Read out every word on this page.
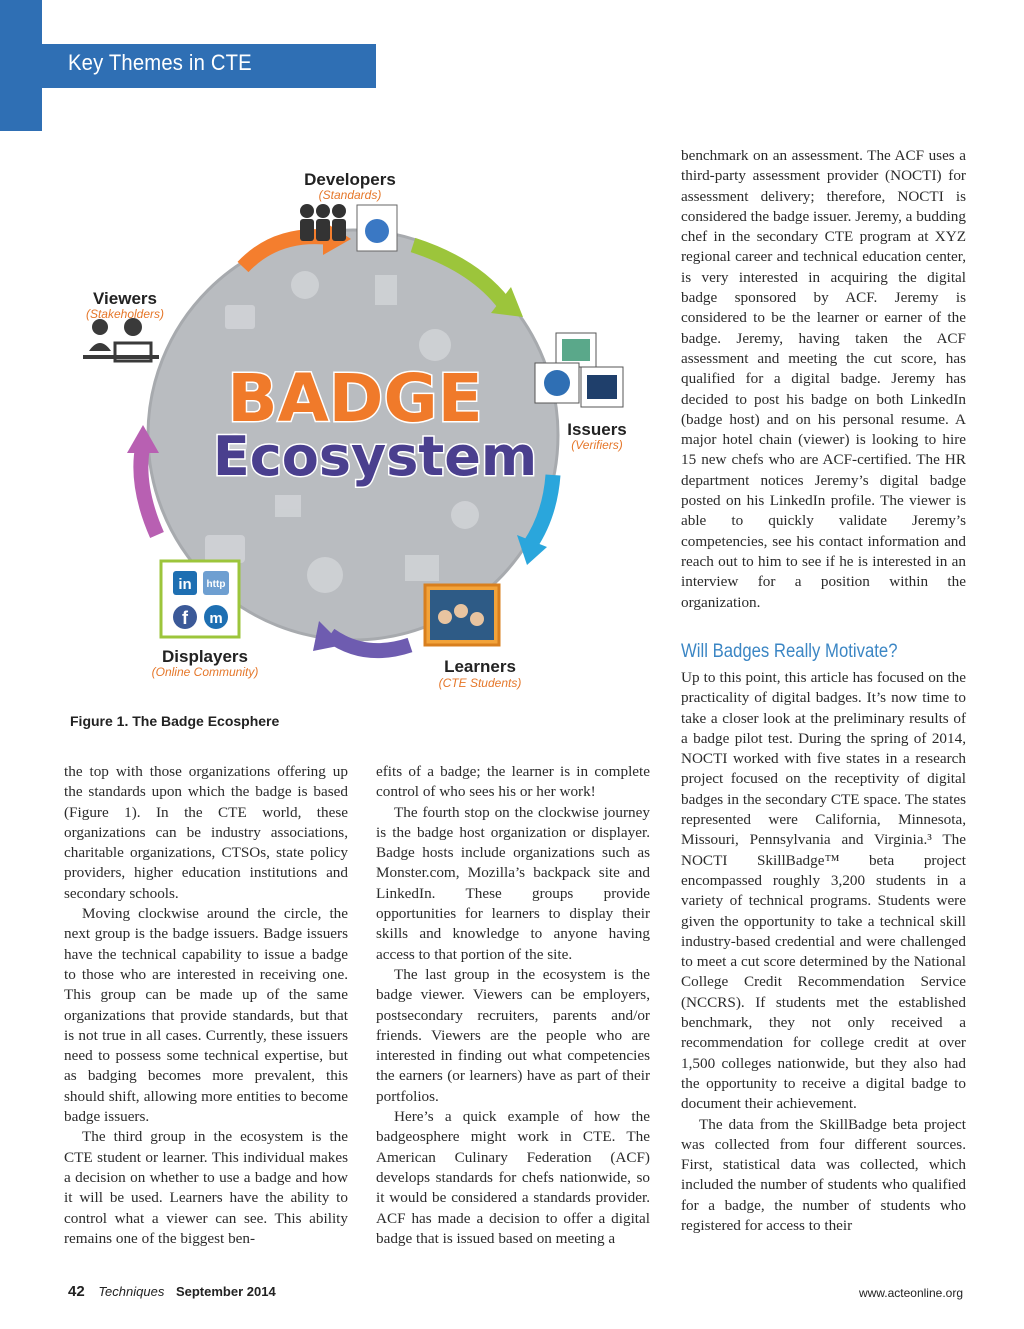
Key Themes in CTE
BADGE
Ecosystem
Developers
(Standards)
Issuers
(Verifiers)
Learners
(CTE Students)
in http
f m
Displayers
(Online Community)
Viewers
(Stakeholders)
Figure 1. The Badge Ecosphere

the top with those organizations offering up the standards upon which the badge is based (Figure 1). In the CTE world, these organizations can be industry associations, charitable organizations, CTSOs, state policy providers, higher education institutions and secondary schools.

Moving clockwise around the circle, the next group is the badge issuers. Badge issuers have the technical capability to issue a badge to those who are interested in receiving one. This group can be made up of the same organizations that provide standards, but that is not true in all cases. Currently, these issuers need to possess some technical expertise, but as badging becomes more prevalent, this should shift, allowing more entities to become badge issuers.

The third group in the ecosystem is the CTE student or learner. This individual makes a decision on whether to use a badge and how it will be used. Learners have the ability to control what a viewer can see. This ability remains one of the biggest ben-

efits of a badge; the learner is in complete control of who sees his or her work!

The fourth stop on the clockwise journey is the badge host organization or displayer. Badge hosts include organizations such as Monster.com, Mozilla’s backpack site and LinkedIn. These groups provide opportunities for learners to display their skills and knowledge to anyone having access to that portion of the site.

The last group in the ecosystem is the badge viewer. Viewers can be employers, postsecondary recruiters, parents and/or friends. Viewers are the people who are interested in finding out what competencies the earners (or learners) have as part of their portfolios.

Here’s a quick example of how the badgeosphere might work in CTE. The American Culinary Federation (ACF) develops standards for chefs nationwide, so it would be considered a standards provider. ACF has made a decision to offer a digital badge that is issued based on meeting a

benchmark on an assessment. The ACF uses a third-party assessment provider (NOCTI) for assessment delivery; therefore, NOCTI is considered the badge issuer. Jeremy, a budding chef in the secondary CTE program at XYZ regional career and technical education center, is very interested in acquiring the digital badge sponsored by ACF. Jeremy is considered to be the learner or earner of the badge. Jeremy, having taken the ACF assessment and meeting the cut score, has qualified for a digital badge. Jeremy has decided to post his badge on both LinkedIn (badge host) and on his personal resume. A major hotel chain (viewer) is looking to hire 15 new chefs who are ACF-certified. The HR department notices Jeremy’s digital badge posted on his LinkedIn profile. The viewer is able to quickly validate Jeremy’s competencies, see his contact information and reach out to him to see if he is interested in an interview for a position within the organization.

Will Badges Really Motivate?

Up to this point, this article has focused on the practicality of digital badges. It’s now time to take a closer look at the preliminary results of a badge pilot test. During the spring of 2014, NOCTI worked with five states in a research project focused on the receptivity of digital badges in the secondary CTE space. The states represented were California, Minnesota, Missouri, Pennsylvania and Virginia.³ The NOCTI SkillBadge™ beta project encompassed roughly 3,200 students in a variety of technical programs. Students were given the opportunity to take a technical skill industry-based credential and were challenged to meet a cut score determined by the National College Credit Recommendation Service (NCCRS). If students met the established benchmark, they not only received a recommendation for college credit at over 1,500 colleges nationwide, but they also had the opportunity to receive a digital badge to document their achievement.

The data from the SkillBadge beta project was collected from four different sources. First, statistical data was collected, which included the number of students who qualified for a badge, the number of students who registered for access to their

42 Techniques September 2014	www.acteonline.org
